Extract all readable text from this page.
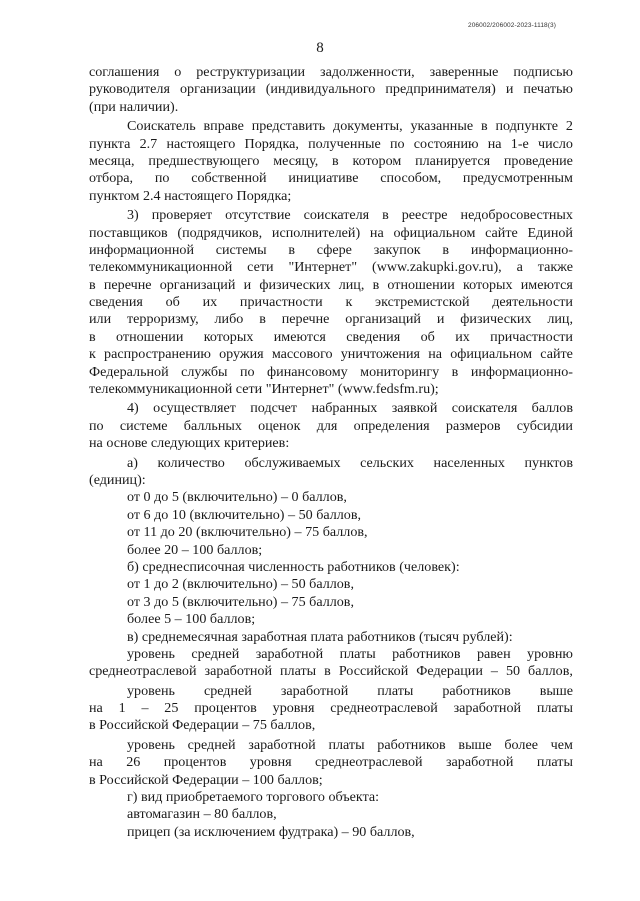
206002/206002-2023-1118(3)
8
соглашения о реструктуризации задолженности, заверенные подписью
руководителя организации (индивидуального предпринимателя) и печатью
(при наличии).
Соискатель вправе представить документы, указанные в подпункте 2
пункта 2.7 настоящего Порядка, полученные по состоянию на 1-е число
месяца, предшествующего месяцу, в котором планируется проведение
отбора, по собственной инициативе способом, предусмотренным
пунктом 2.4 настоящего Порядка;
3) проверяет отсутствие соискателя в реестре недобросовестных
поставщиков (подрядчиков, исполнителей) на официальном сайте Единой
информационной системы в сфере закупок в информационно-
телекоммуникационной сети "Интернет" (www.zakupki.gov.ru), а также
в перечне организаций и физических лиц, в отношении которых имеются
сведения об их причастности к экстремистской деятельности
или терроризму, либо в перечне организаций и физических лиц,
в отношении которых имеются сведения об их причастности
к распространению оружия массового уничтожения на официальном сайте
Федеральной службы по финансовому мониторингу в информационно-
телекоммуникационной сети "Интернет" (www.fedsfm.ru);
4) осуществляет подсчет набранных заявкой соискателя баллов
по системе балльных оценок для определения размеров субсидии
на основе следующих критериев:
а) количество обслуживаемых сельских населенных пунктов
(единиц):
от 0 до 5 (включительно) – 0 баллов,
от 6 до 10 (включительно) – 50 баллов,
от 11 до 20 (включительно) – 75 баллов,
более 20 – 100 баллов;
б) среднесписочная численность работников (человек):
от 1 до 2 (включительно) – 50 баллов,
от 3 до 5 (включительно) – 75 баллов,
более 5 – 100 баллов;
в) среднемесячная заработная плата работников (тысяч рублей):
уровень средней заработной платы работников равен уровню
среднеотраслевой заработной платы в Российской Федерации – 50 баллов,
уровень средней заработной платы работников выше
на 1 – 25 процентов уровня среднеотраслевой заработной платы
в Российской Федерации – 75 баллов,
уровень средней заработной платы работников выше более чем
на 26 процентов уровня среднеотраслевой заработной платы
в Российской Федерации – 100 баллов;
г) вид приобретаемого торгового объекта:
автомагазин – 80 баллов,
прицеп (за исключением фудтрака) – 90 баллов,
